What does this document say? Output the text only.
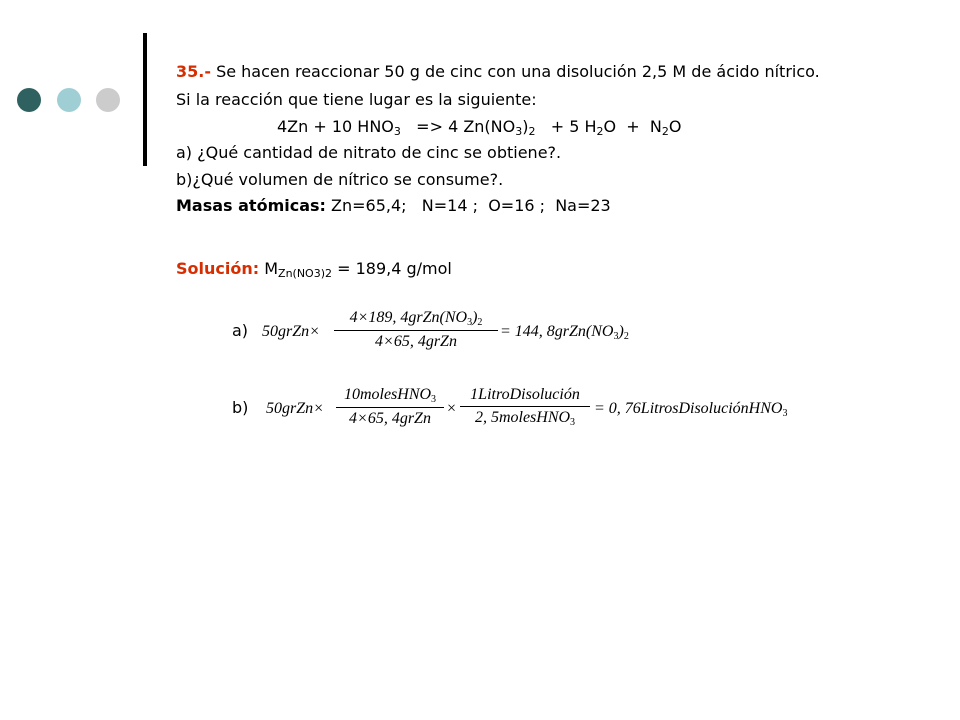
35.- Se hacen reaccionar 50 g de cinc con una disolución 2,5 M de ácido nítrico.
Si la reacción que tiene lugar es la siguiente:
4Zn + 10 $HNO_3 => 4$ $Zn(NO_3)_2 + 5$ $H_2O + N_2O$
a) ¿Qué cantidad de nitrato de cinc se obtiene?.
b)¿Qué volumen de nítrico se consume?.
Masas atómicas: Zn=65,4;   N=14 ;  O=16 ;  Na=23
Solución: $M_{Zn(NO3)2} = 189,4$ g/mol
a) 50grZn×
4×189, 4grZn(NO3)2
4×65, 4grZn
= 144, 8grZn(NO3)2
b) 50grZn×
10molesHNO3
4×65, 4grZn
×
1LitroDisolución
2, 5molesHNO3
= 0, 76LitrosDisoluciónHNO3
